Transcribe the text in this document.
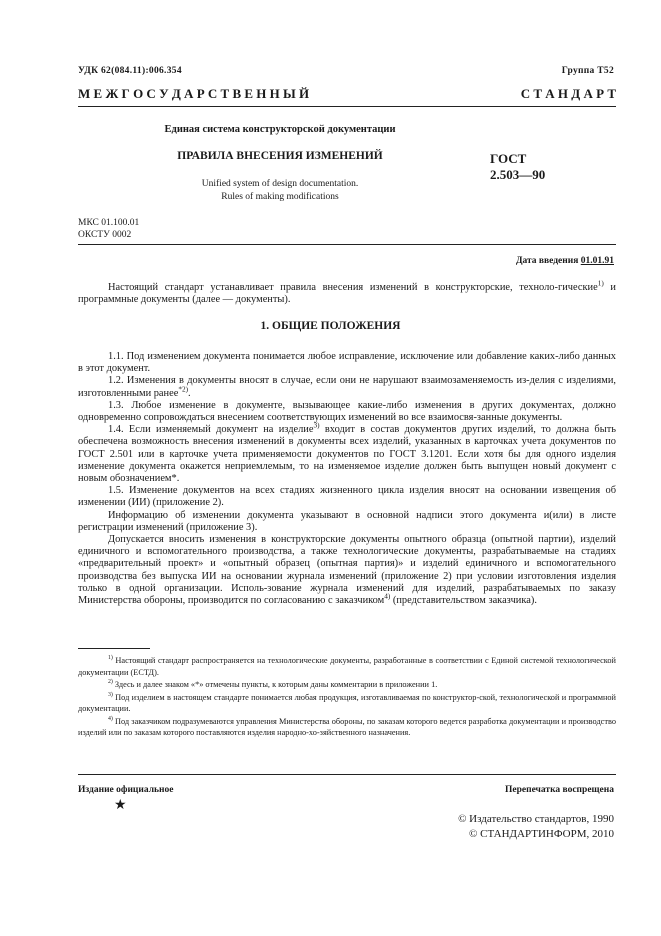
УДК 62(084.11):006.354	Группа Т52
М Е Ж Г О С У Д А Р С Т В Е Н Н Ы Й	С Т А Н Д А Р Т
Единая система конструкторской документации
ПРАВИЛА ВНЕСЕНИЯ ИЗМЕНЕНИЙ
Unified system of design documentation.
Rules of making modifications
ГОСТ
2.503—90
МКС 01.100.01
ОКСТУ 0002
Дата введения 01.01.91

Настоящий стандарт устанавливает правила внесения изменений в конструкторские, техноло-гические$^{1)}$ и программные документы (далее — документы).

1. ОБЩИЕ ПОЛОЖЕНИЯ

1.1. Под изменением документа понимается любое исправление, исключение или добавление каких-либо данных в этот документ.

1.2. Изменения в документы вносят в случае, если они не нарушают взаимозаменяемость из-делия с изделиями, изготовленными ранее$^{*2)}$.

1.3. Любое изменение в документе, вызывающее какие-либо изменения в других документах, должно одновременно сопровождаться внесением соответствующих изменений во все взаимосвя-занные документы.

1.4. Если изменяемый документ на изделие$^{3)}$ входит в состав документов других изделий, то должна быть обеспечена возможность внесения изменений в документы всех изделий, указанных в карточках учета документов по ГОСТ 2.501 или в карточке учета применяемости документов по ГОСТ 3.1201. Если хотя бы для одного изделия изменение документа окажется неприемлемым, то на изменяемое изделие должен быть выпущен новый документ с новым обозначением*.

1.5. Изменение документов на всех стадиях жизненного цикла изделия вносят на основании извещения об изменении (ИИ) (приложение 2).

Информацию об изменении документа указывают в основной надписи этого документа и(или) в листе регистрации изменений (приложение 3).

Допускается вносить изменения в конструкторские документы опытного образца (опытной партии), изделий единичного и вспомогательного производства, а также технологические документы, разрабатываемые на стадиях «предварительный проект» и «опытный образец (опытная партия)» и изделий единичного и вспомогательного производства без выпуска ИИ на основании журнала изменений (приложение 2) при условии изготовления изделия только в одной организации. Исполь-зование журнала изменений для изделий, разрабатываемых по заказу Министерства обороны, производится по согласованию с заказчиком$^{4)}$ (представительством заказчика).

$^{1)}$ Настоящий стандарт распространяется на технологические документы, разработанные в соответствии с Единой системой технологической документации (ЕСТД).

$^{2)}$ Здесь и далее знаком «*» отмечены пункты, к которым даны комментарии в приложении 1.

$^{3)}$ Под изделием в настоящем стандарте понимается любая продукция, изготавливаемая по конструктор-ской, технологической и программной документации.

$^{4)}$ Под заказчиком подразумеваются управления Министерства обороны, по заказам которого ведется разработка документации и производство изделий или по заказам которого поставляются изделия народно-хо-зяйственного назначения.

Издание официальное	Перепечатка воспрещена
★
© Издательство стандартов, 1990
© СТАНДАРТИНФОРМ, 2010
